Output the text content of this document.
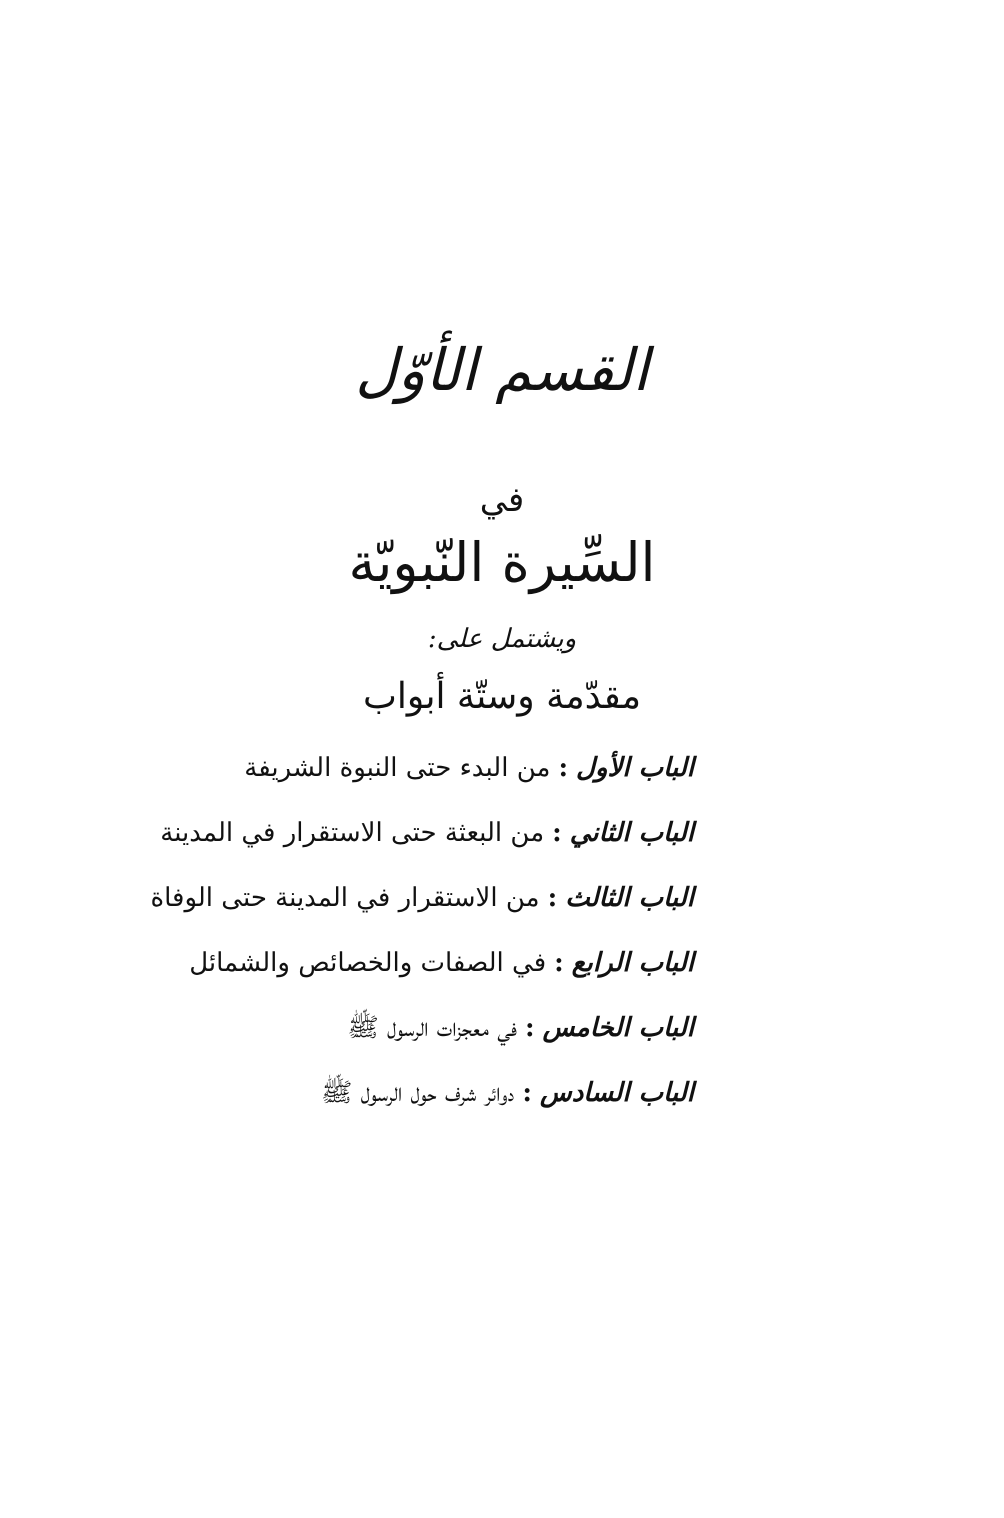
القسم الأوّل
في
السِّيرة النّبويّة
ويشتمل على:
مقدّمة وستّة أبواب
الباب الأول:من البدء حتى النبوة الشريفة
الباب الثاني:من البعثة حتى الاستقرار في المدينة
الباب الثالث:من الاستقرار في المدينة حتى الوفاة
الباب الرابع:في الصفات والخصائص والشمائل
الباب الخامس:في معجزات الرسول ﷺ
الباب السادس:دوائر شرف حول الرسول ﷺ
